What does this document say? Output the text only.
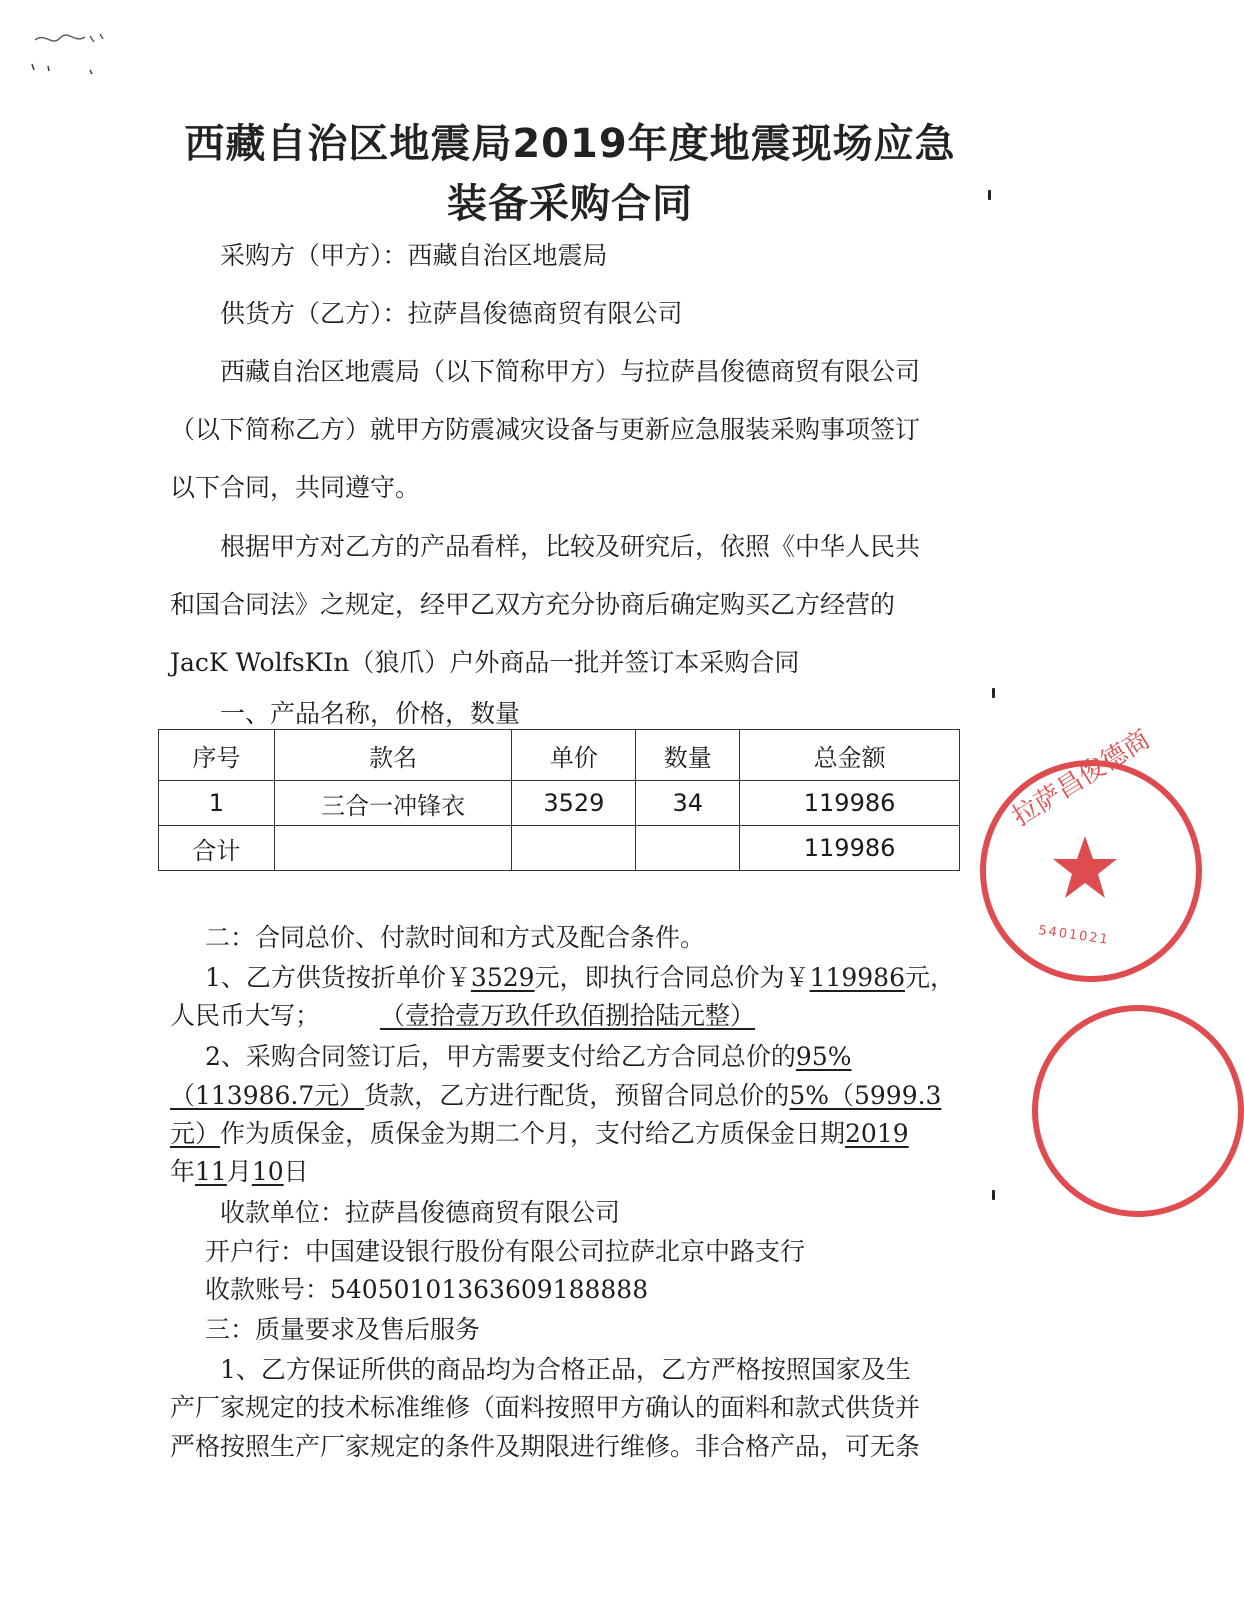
西藏自治区地震局2019年度地震现场应急
装备采购合同
采购方（甲方）：西藏自治区地震局
供货方（乙方）：拉萨昌俊德商贸有限公司
西藏自治区地震局（以下简称甲方）与拉萨昌俊德商贸有限公司
（以下简称乙方）就甲方防震减灾设备与更新应急服装采购事项签订
以下合同，共同遵守。
根据甲方对乙方的产品看样，比较及研究后，依照《中华人民共
和国合同法》之规定，经甲乙双方充分协商后确定购买乙方经营的
JacK WolfsKIn（狼爪）户外商品一批并签订本采购合同
一、产品名称，价格，数量
序号	款名	单价	数量	总金额
1	三合一冲锋衣	3529	34	119986
合计				119986
二：合同总价、付款时间和方式及配合条件。
1、乙方供货按折单价￥3529元，即执行合同总价为￥119986元，
人民币大写； （壹拾壹万玖仟玖佰捌拾陆元整）
2、采购合同签订后，甲方需要支付给乙方合同总价的95%
（113986.7元）货款，乙方进行配货，预留合同总价的5%（5999.3
元）作为质保金，质保金为期二个月，支付给乙方质保金日期2019
年11月10日
收款单位：拉萨昌俊德商贸有限公司
开户行：中国建设银行股份有限公司拉萨北京中路支行
收款账号：54050101363609188888
三：质量要求及售后服务
1、乙方保证所供的商品均为合格正品，乙方严格按照国家及生
产厂家规定的技术标准维修（面料按照甲方确认的面料和款式供货并
严格按照生产厂家规定的条件及期限进行维修。非合格产品，可无条
拉萨昌俊德商
5401021
